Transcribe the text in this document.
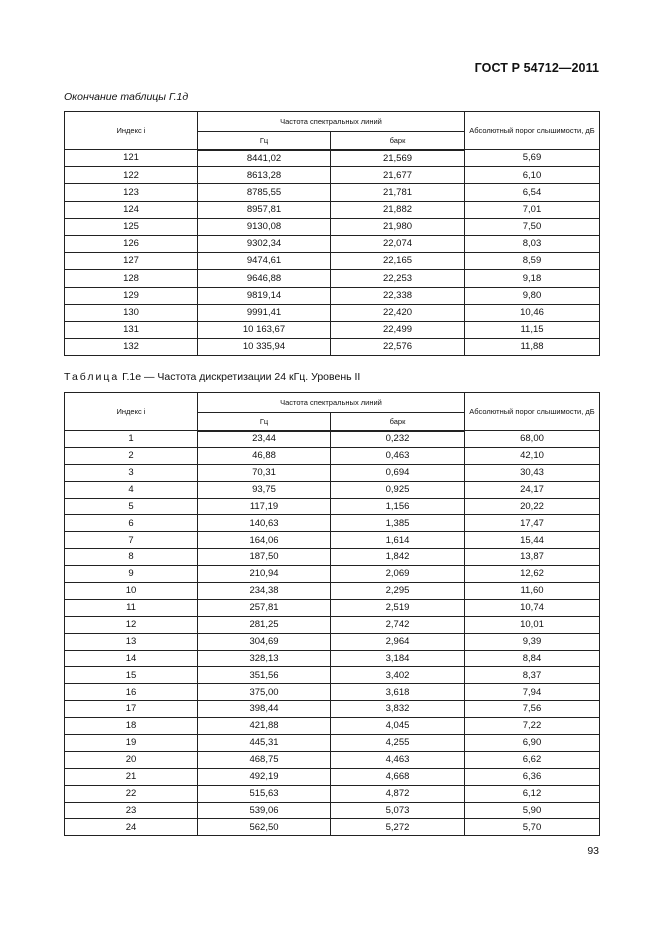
ГОСТ Р 54712—2011
Окончание таблицы Г.1д
Индекс i	Частота спектральных линий		Абсолютный порог слышимости, дБ
	Гц	барк	
121	8441,02	21,569	5,69
122	8613,28	21,677	6,10
123	8785,55	21,781	6,54
124	8957,81	21,882	7,01
125	9130,08	21,980	7,50
126	9302,34	22,074	8,03
127	9474,61	22,165	8,59
128	9646,88	22,253	9,18
129	9819,14	22,338	9,80
130	9991,41	22,420	10,46
131	10 163,67	22,499	11,15
132	10 335,94	22,576	11,88
Таблица Г.1е — Частота дискретизации 24 кГц. Уровень II
Индекс i	Частота спектральных линий		Абсолютный порог слышимости, дБ
	Гц	барк	
1	23,44	0,232	68,00
2	46,88	0,463	42,10
3	70,31	0,694	30,43
4	93,75	0,925	24,17
5	117,19	1,156	20,22
6	140,63	1,385	17,47
7	164,06	1,614	15,44
8	187,50	1,842	13,87
9	210,94	2,069	12,62
10	234,38	2,295	11,60
11	257,81	2,519	10,74
12	281,25	2,742	10,01
13	304,69	2,964	9,39
14	328,13	3,184	8,84
15	351,56	3,402	8,37
16	375,00	3,618	7,94
17	398,44	3,832	7,56
18	421,88	4,045	7,22
19	445,31	4,255	6,90
20	468,75	4,463	6,62
21	492,19	4,668	6,36
22	515,63	4,872	6,12
23	539,06	5,073	5,90
24	562,50	5,272	5,70
93
